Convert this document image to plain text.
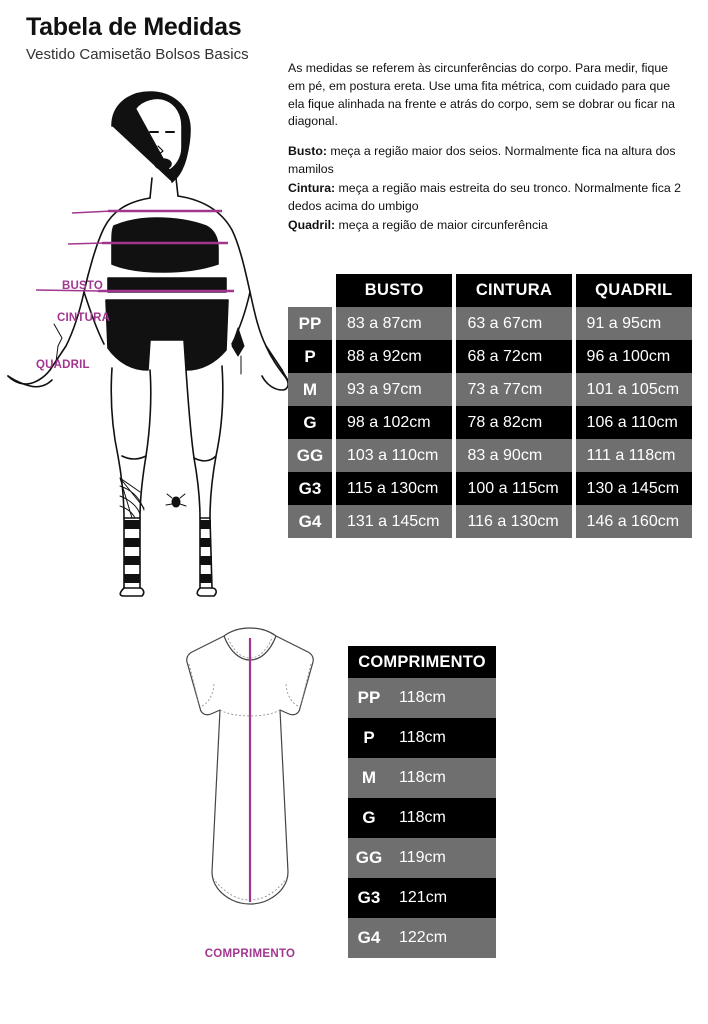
Tabela de Medidas
Vestido Camisetão Bolsos Basics

As medidas se referem às circunferências do corpo. Para medir, fique em pé, em postura ereta. Use uma fita métrica, com cuidado para que ela fique alinhada na frente e atrás do corpo, sem se dobrar ou ficar na diagonal.

Busto: meça a região maior dos seios. Normalmente fica na altura dos mamilos

Cintura: meça a região mais estreita do seu tronco. Normalmente fica 2 dedos acima do umbigo

Quadril: meça a região de maior circunferência

BUSTO
CINTURA
QUADRIL
		BUSTO		CINTURA		QUADRIL
PP		83 a 87cm		63 a 67cm		91 a 95cm
P		88 a 92cm		68 a 72cm		96 a 100cm
M		93 a 97cm		73 a 77cm		101 a 105cm
G		98 a 102cm		78 a 82cm		106 a 110cm
GG		103 a 110cm		83 a 90cm		111 a 118cm
G3		115 a 130cm		100 a 115cm		130 a 145cm
G4		131 a 145cm		116 a 130cm		146 a 160cm
COMPRIMENTO
COMPRIMENTO	
PP	118cm
P	118cm
M	118cm
G	118cm
GG	119cm
G3	121cm
G4	122cm
